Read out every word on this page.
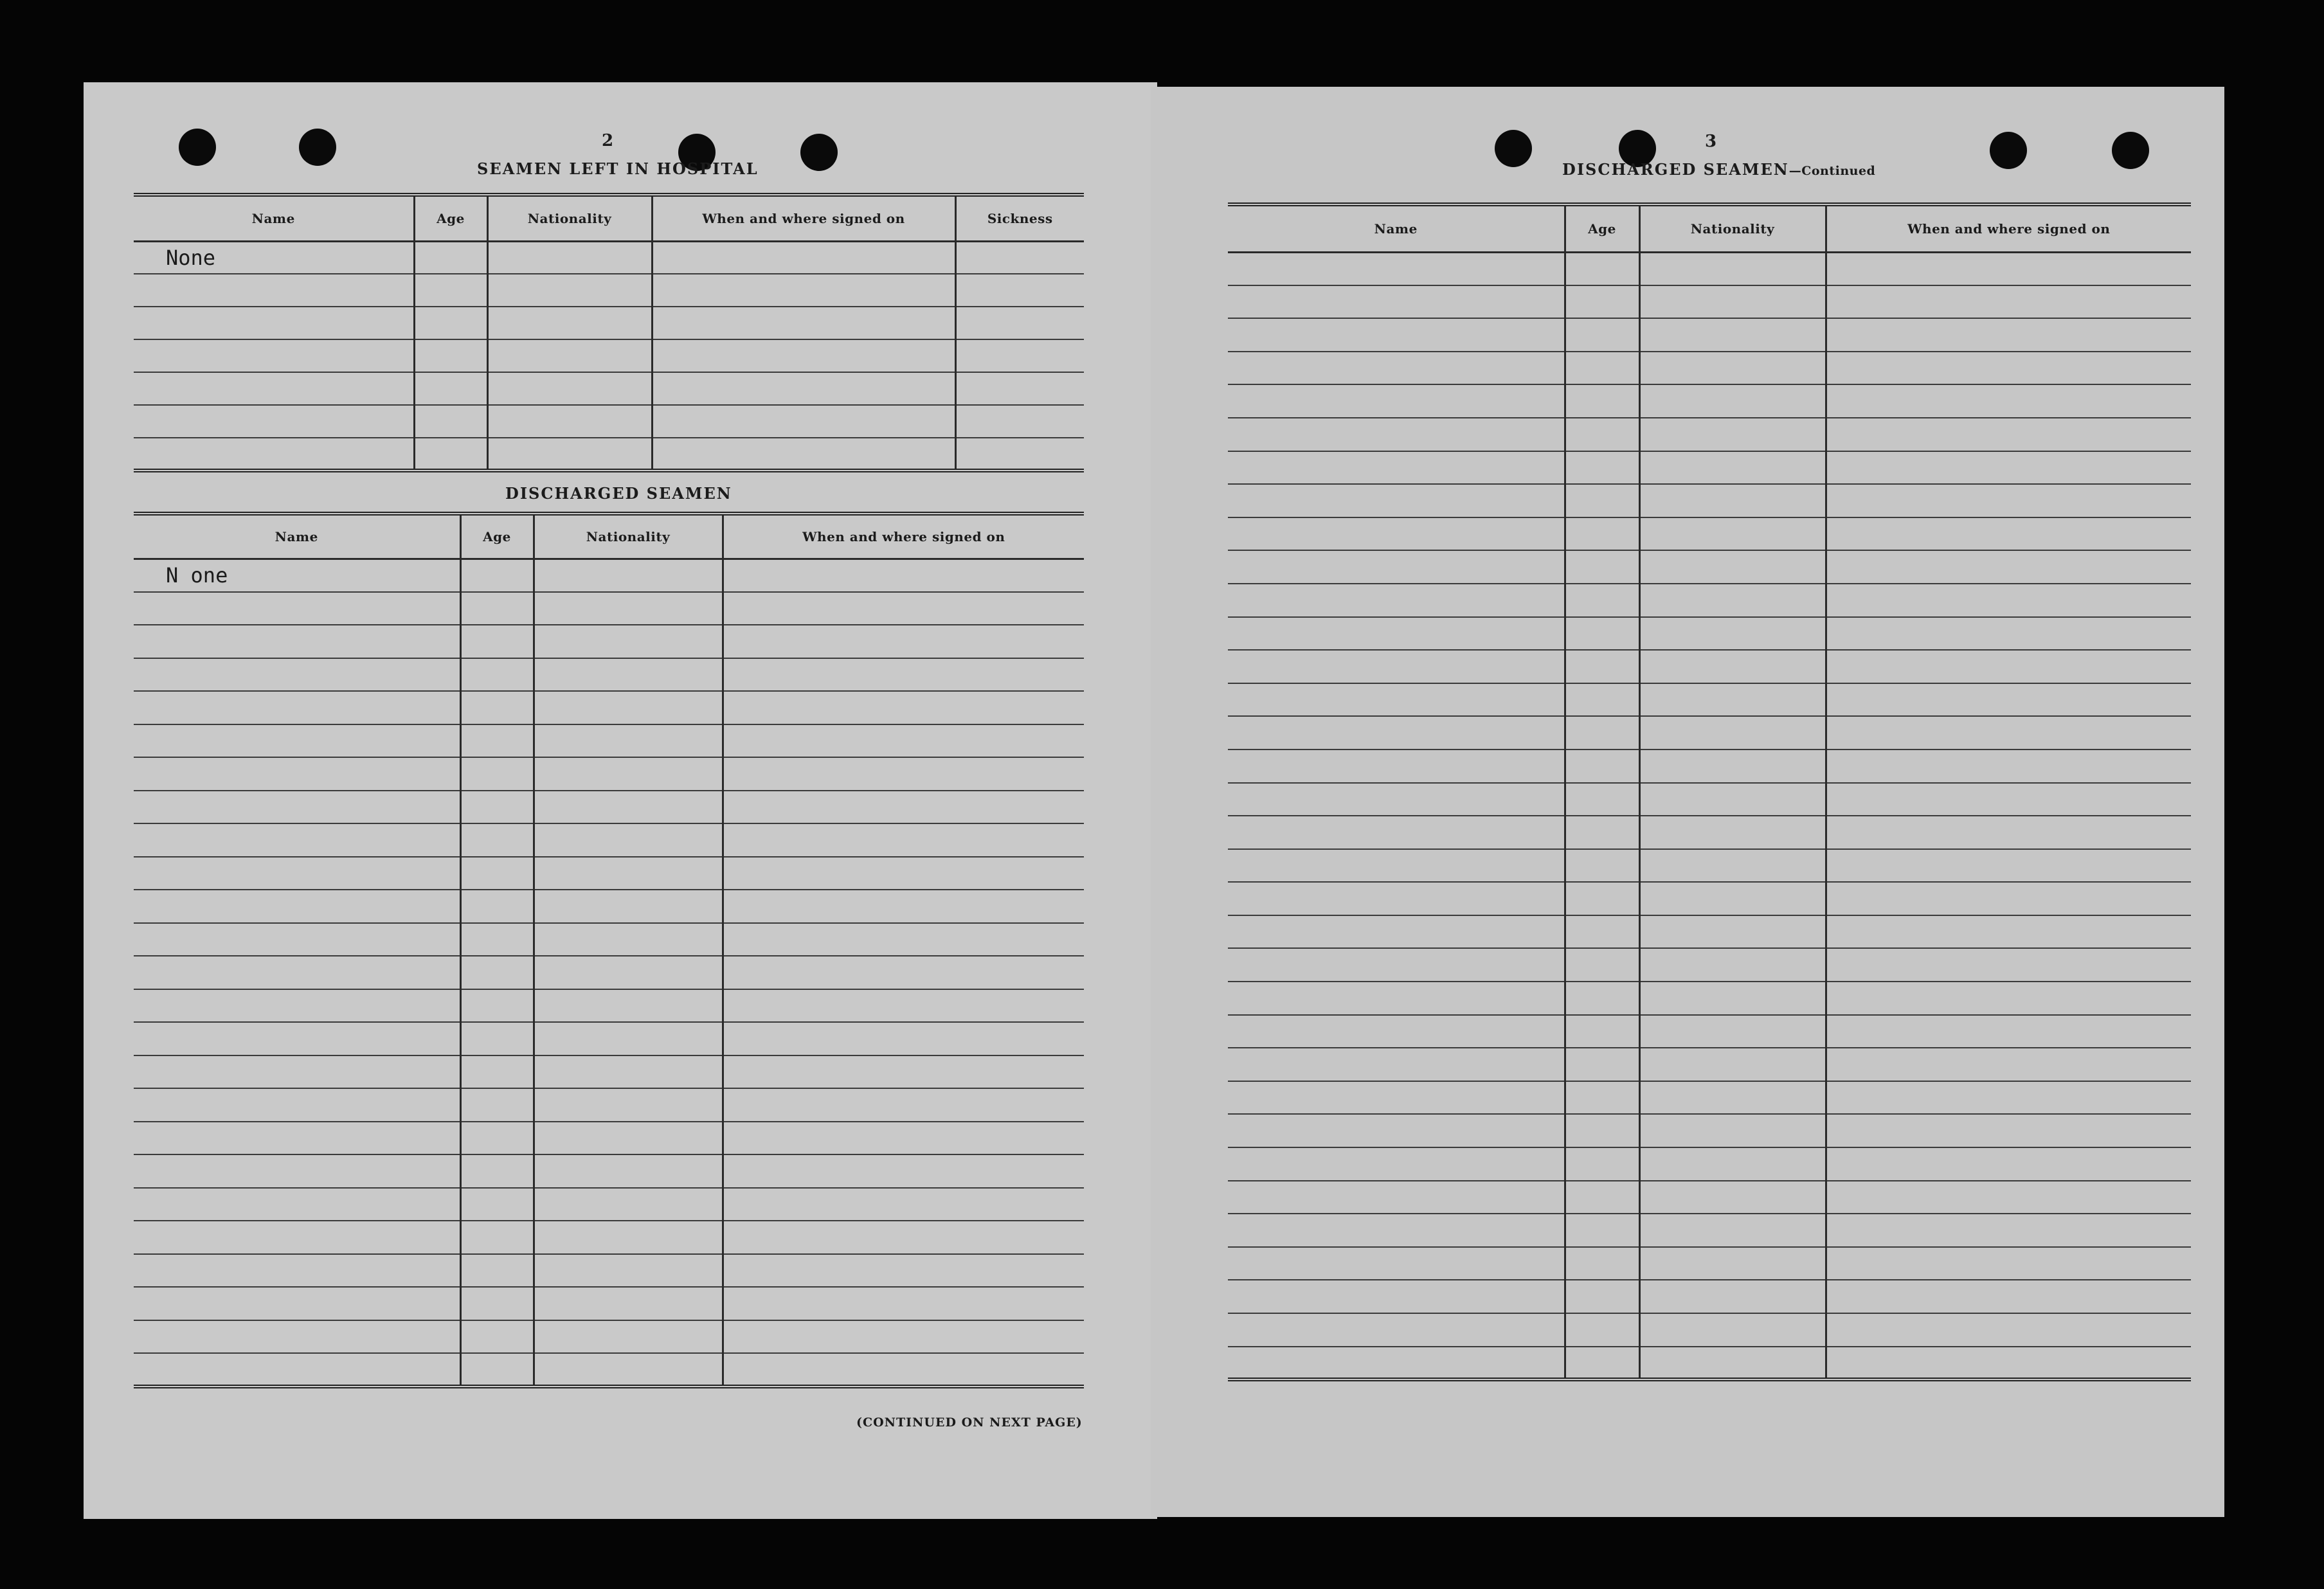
2
SEAMEN LEFT IN HOSPITAL
Name	Age	Nationality	When and where signed on	Sickness
None				

DISCHARGED SEAMEN
Name	Age	Nationality	When and where signed on
N one			

(CONTINUED ON NEXT PAGE)
3
DISCHARGED SEAMEN—Continued
Name	Age	Nationality	When and where signed on
